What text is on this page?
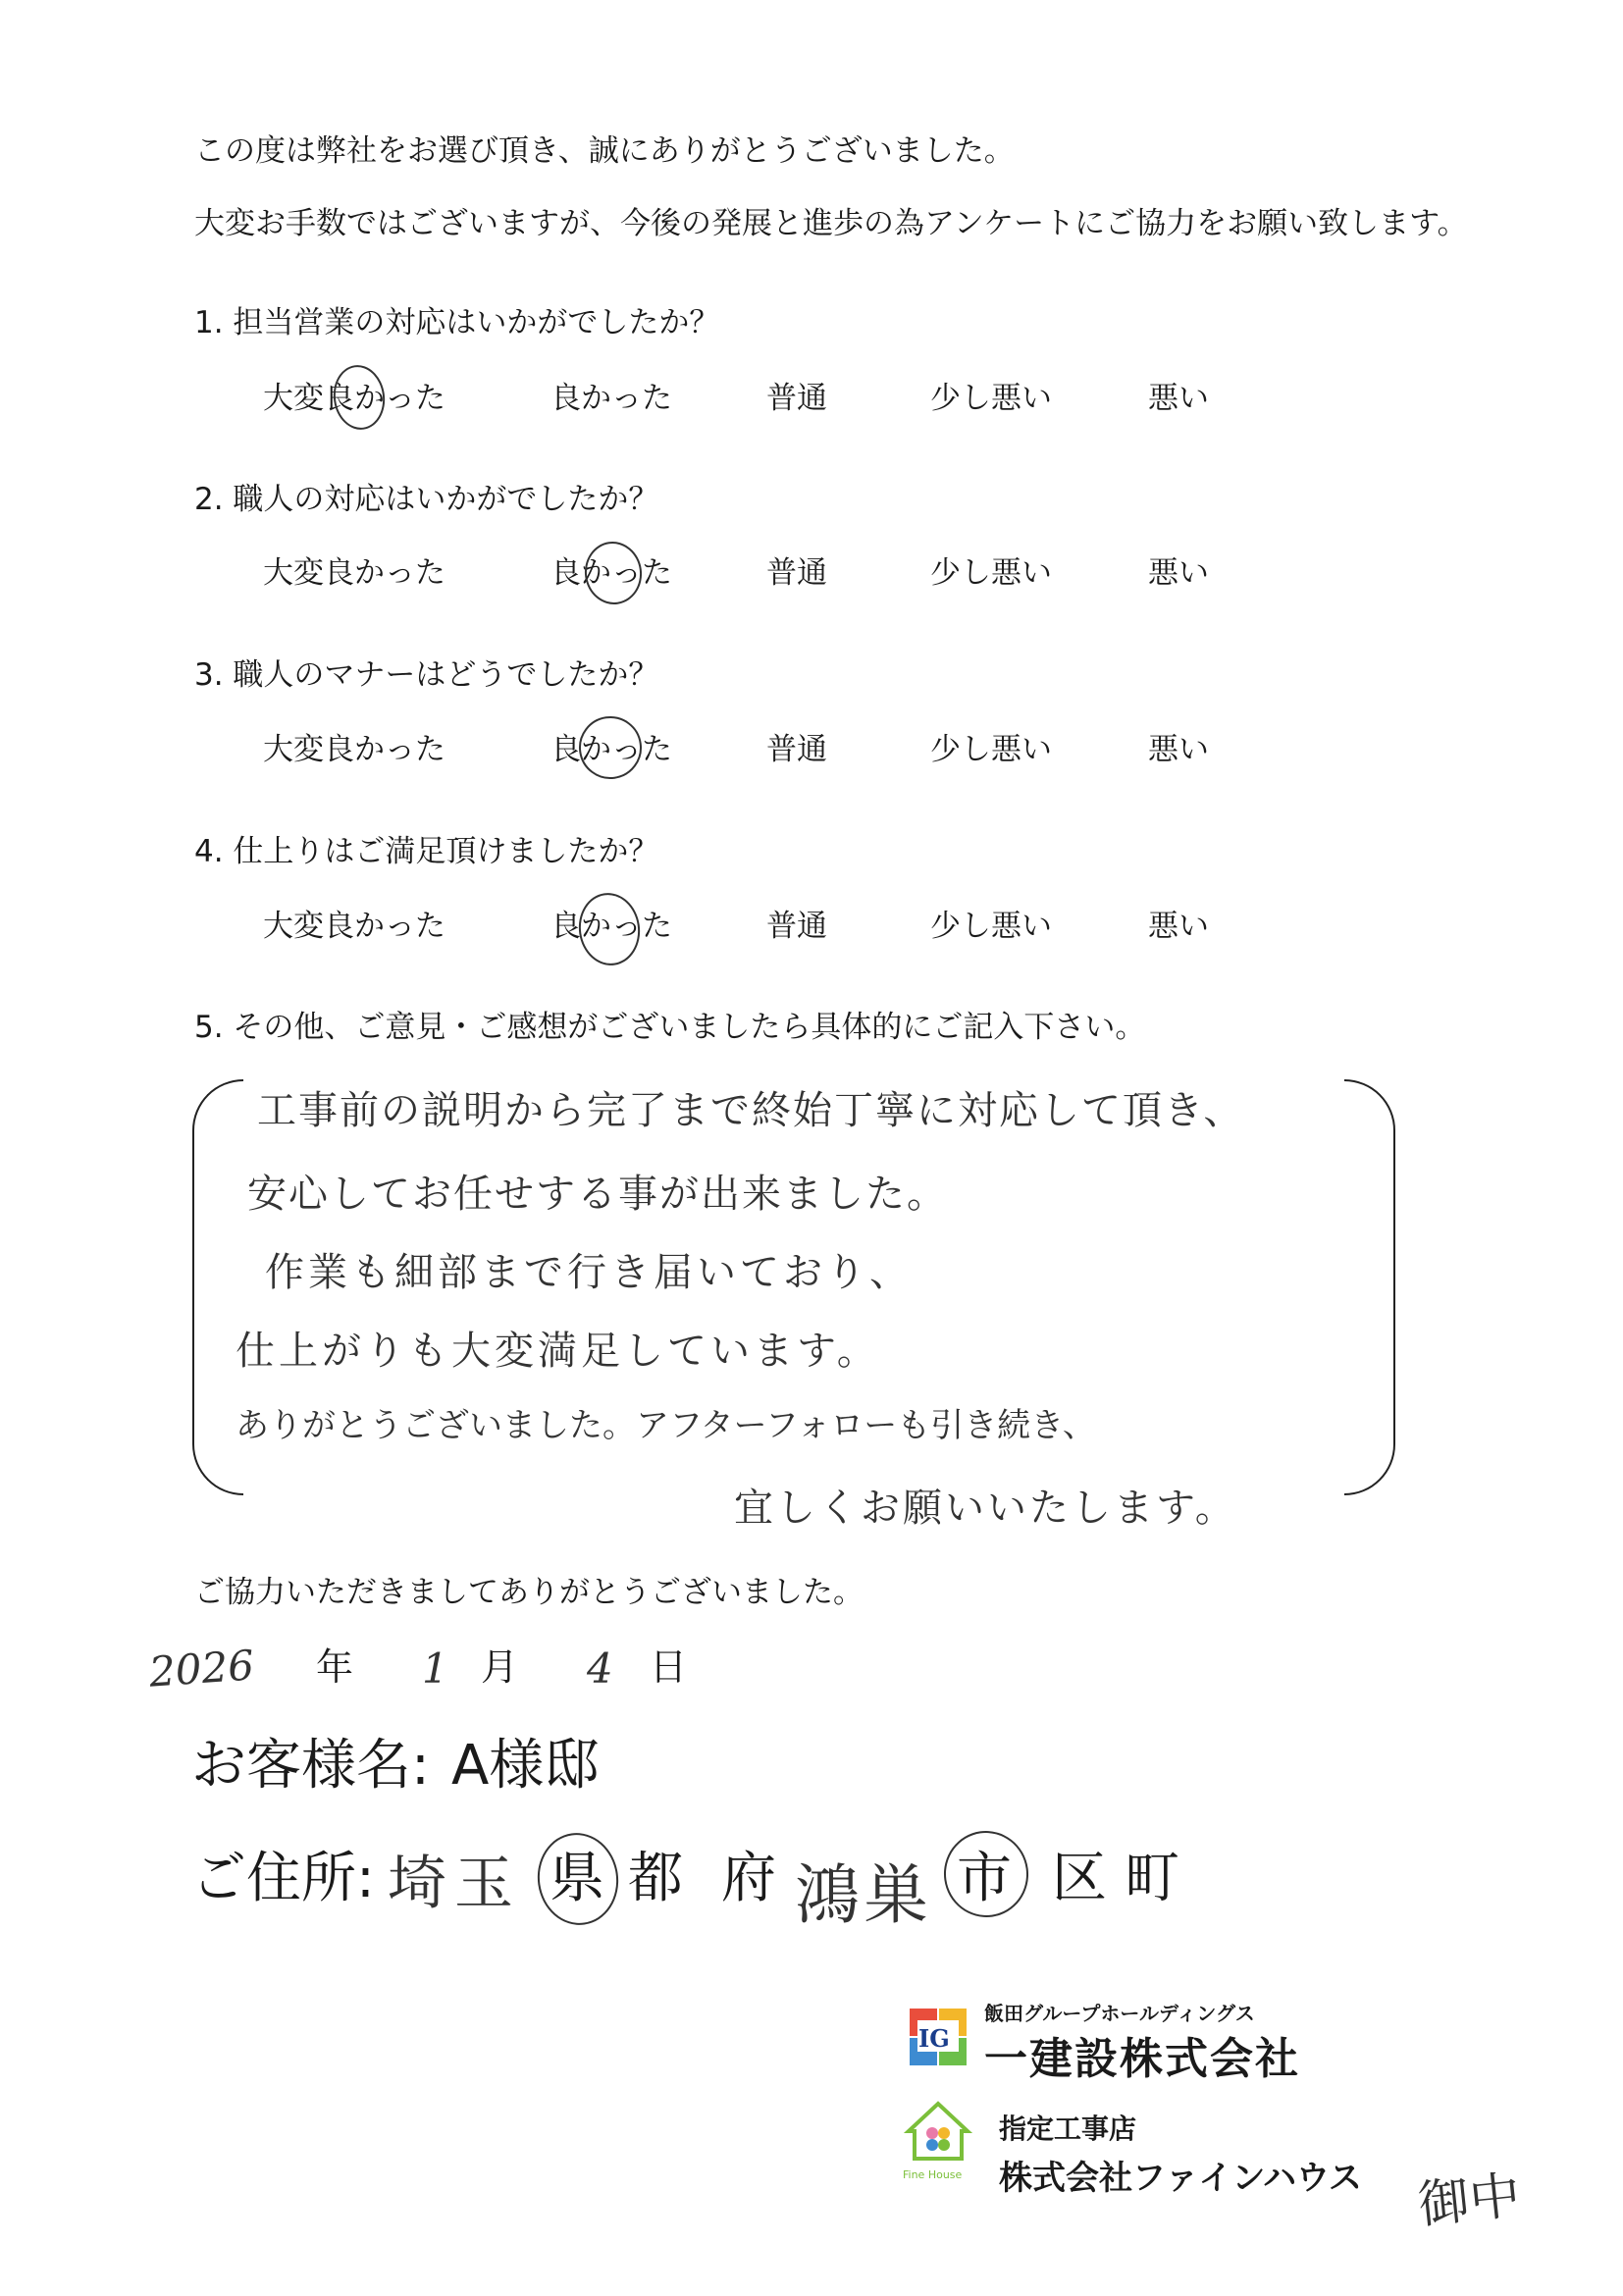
この度は弊社をお選び頂き、誠にありがとうございました。
大変お手数ではございますが、今後の発展と進歩の為アンケートにご協力をお願い致します。
1. 担当営業の対応はいかがでしたか？
大変良かった	良かった	普通	少し悪い	悪い
2. 職人の対応はいかがでしたか？
大変良かった	良かった	普通	少し悪い	悪い
3. 職人のマナーはどうでしたか？
大変良かった	良かった	普通	少し悪い	悪い
4. 仕上りはご満足頂けましたか？
大変良かった	良かった	普通	少し悪い	悪い
5. その他、ご意見・ご感想がございましたら具体的にご記入下さい。
工事前の説明から完了まで終始丁寧に対応して頂き、
安心してお任せする事が出来ました。
作業も細部まで行き届いており、
仕上がりも大変満足しています。
ありがとうございました。アフターフォローも引き続き、
宜しくお願いいたします。
ご協力いただきましてありがとうございました。
2026 年 1 月 4 日
お客様名: A様邸
ご住所: 埼玉 県 都 府 鴻巣 市 区 町
IG
飯田グループホールディングス
一建設株式会社
Fine House
指定工事店
株式会社ファインハウス 御中
